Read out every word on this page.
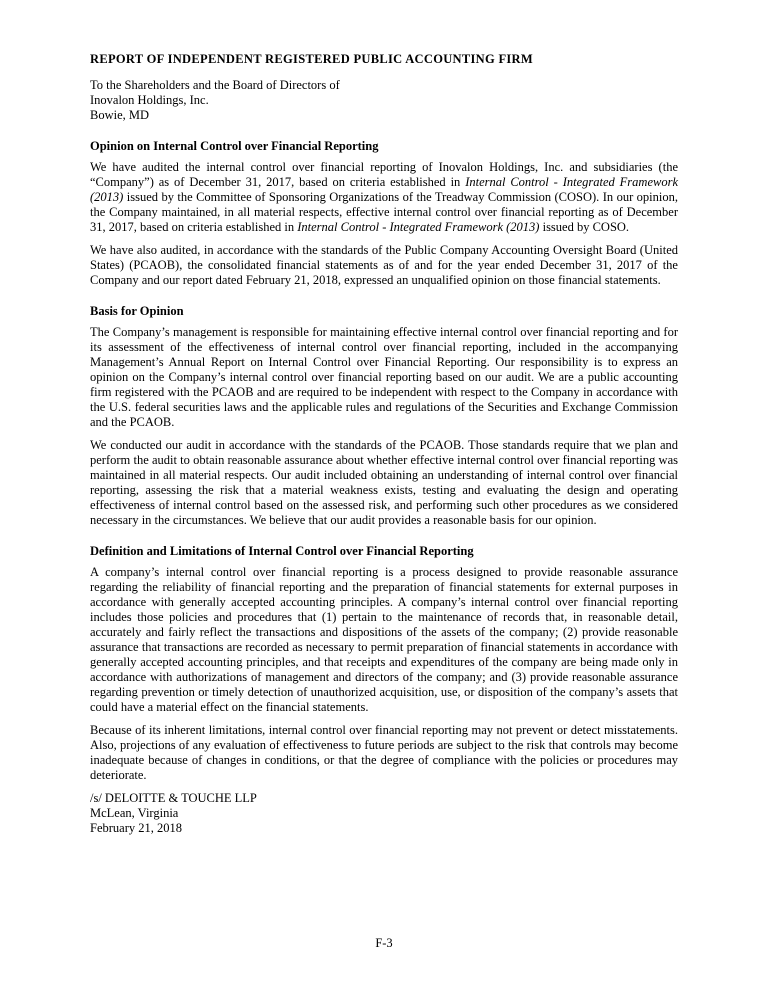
REPORT OF INDEPENDENT REGISTERED PUBLIC ACCOUNTING FIRM
To the Shareholders and the Board of Directors of
Inovalon Holdings, Inc.
Bowie, MD
Opinion on Internal Control over Financial Reporting

We have audited the internal control over financial reporting of Inovalon Holdings, Inc. and subsidiaries (the “Company”) as of December 31, 2017, based on criteria established in Internal Control - Integrated Framework (2013) issued by the Committee of Sponsoring Organizations of the Treadway Commission (COSO). In our opinion, the Company maintained, in all material respects, effective internal control over financial reporting as of December 31, 2017, based on criteria established in Internal Control - Integrated Framework (2013) issued by COSO.

We have also audited, in accordance with the standards of the Public Company Accounting Oversight Board (United States) (PCAOB), the consolidated financial statements as of and for the year ended December 31, 2017 of the Company and our report dated February 21, 2018, expressed an unqualified opinion on those financial statements.

Basis for Opinion

The Company’s management is responsible for maintaining effective internal control over financial reporting and for its assessment of the effectiveness of internal control over financial reporting, included in the accompanying Management’s Annual Report on Internal Control over Financial Reporting. Our responsibility is to express an opinion on the Company’s internal control over financial reporting based on our audit. We are a public accounting firm registered with the PCAOB and are required to be independent with respect to the Company in accordance with the U.S. federal securities laws and the applicable rules and regulations of the Securities and Exchange Commission and the PCAOB.

We conducted our audit in accordance with the standards of the PCAOB. Those standards require that we plan and perform the audit to obtain reasonable assurance about whether effective internal control over financial reporting was maintained in all material respects. Our audit included obtaining an understanding of internal control over financial reporting, assessing the risk that a material weakness exists, testing and evaluating the design and operating effectiveness of internal control based on the assessed risk, and performing such other procedures as we considered necessary in the circumstances. We believe that our audit provides a reasonable basis for our opinion.

Definition and Limitations of Internal Control over Financial Reporting

A company’s internal control over financial reporting is a process designed to provide reasonable assurance regarding the reliability of financial reporting and the preparation of financial statements for external purposes in accordance with generally accepted accounting principles. A company’s internal control over financial reporting includes those policies and procedures that (1) pertain to the maintenance of records that, in reasonable detail, accurately and fairly reflect the transactions and dispositions of the assets of the company; (2) provide reasonable assurance that transactions are recorded as necessary to permit preparation of financial statements in accordance with generally accepted accounting principles, and that receipts and expenditures of the company are being made only in accordance with authorizations of management and directors of the company; and (3) provide reasonable assurance regarding prevention or timely detection of unauthorized acquisition, use, or disposition of the company’s assets that could have a material effect on the financial statements.

Because of its inherent limitations, internal control over financial reporting may not prevent or detect misstatements. Also, projections of any evaluation of effectiveness to future periods are subject to the risk that controls may become inadequate because of changes in conditions, or that the degree of compliance with the policies or procedures may deteriorate.

/s/ DELOITTE & TOUCHE LLP
McLean, Virginia
February 21, 2018
F-3
